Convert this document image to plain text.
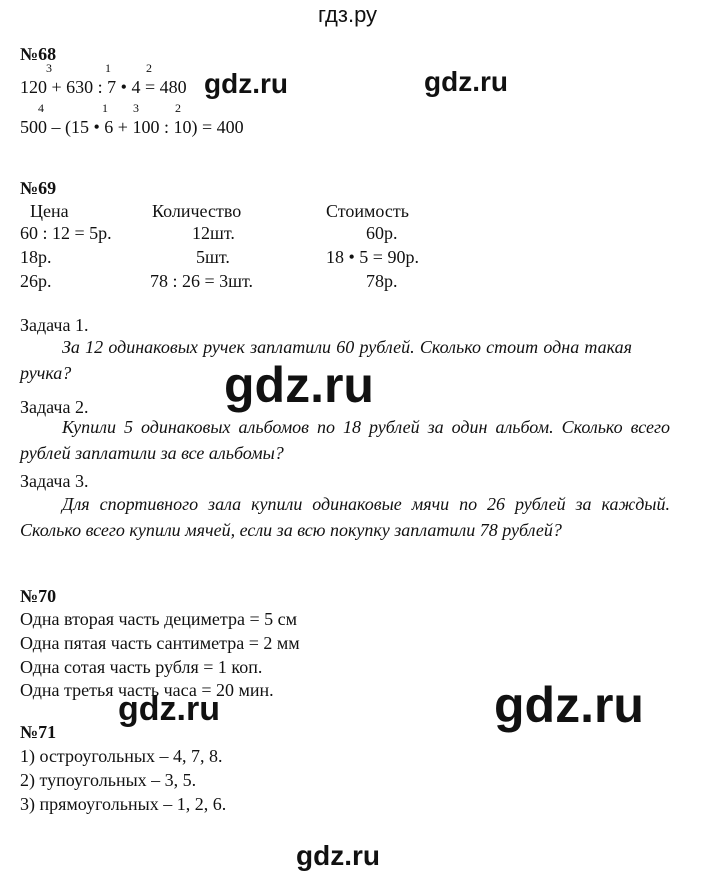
гдз.ру
№68
3	1	2
120 + 630 : 7 • 4 = 480
4	1 3	2
500 – (15 • 6 + 100 : 10) = 400
№69
Цена	Количество	Стоимость
60 : 12 = 5р.	12шт.	60р.
18р.	5шт.	18 • 5 = 90р.
26р.	78 : 26 = 3шт.	78р.
Задача 1.
За 12 одинаковых ручек заплатили 60 рублей. Сколько стоит одна такая ручка?
Задача 2.
Купили 5 одинаковых альбомов по 18 рублей за один альбом. Сколько всего рублей заплатили за все альбомы?
Задача 3.
Для спортивного зала купили одинаковые мячи по 26 рублей за каждый. Сколько всего купили мячей, если за всю покупку заплатили 78 рублей?
№70
Одна вторая часть дециметра = 5 см
Одна пятая часть сантиметра = 2 мм
Одна сотая часть рубля = 1 коп.
Одна третья часть часа = 20 мин.
№71
1) остроугольных – 4, 7, 8.
2) тупоугольных – 3, 5.
3) прямоугольных – 1, 2, 6.
gdz.ru	gdz.ru
gdz.ru
gdz.ru	gdz.ru
gdz.ru
